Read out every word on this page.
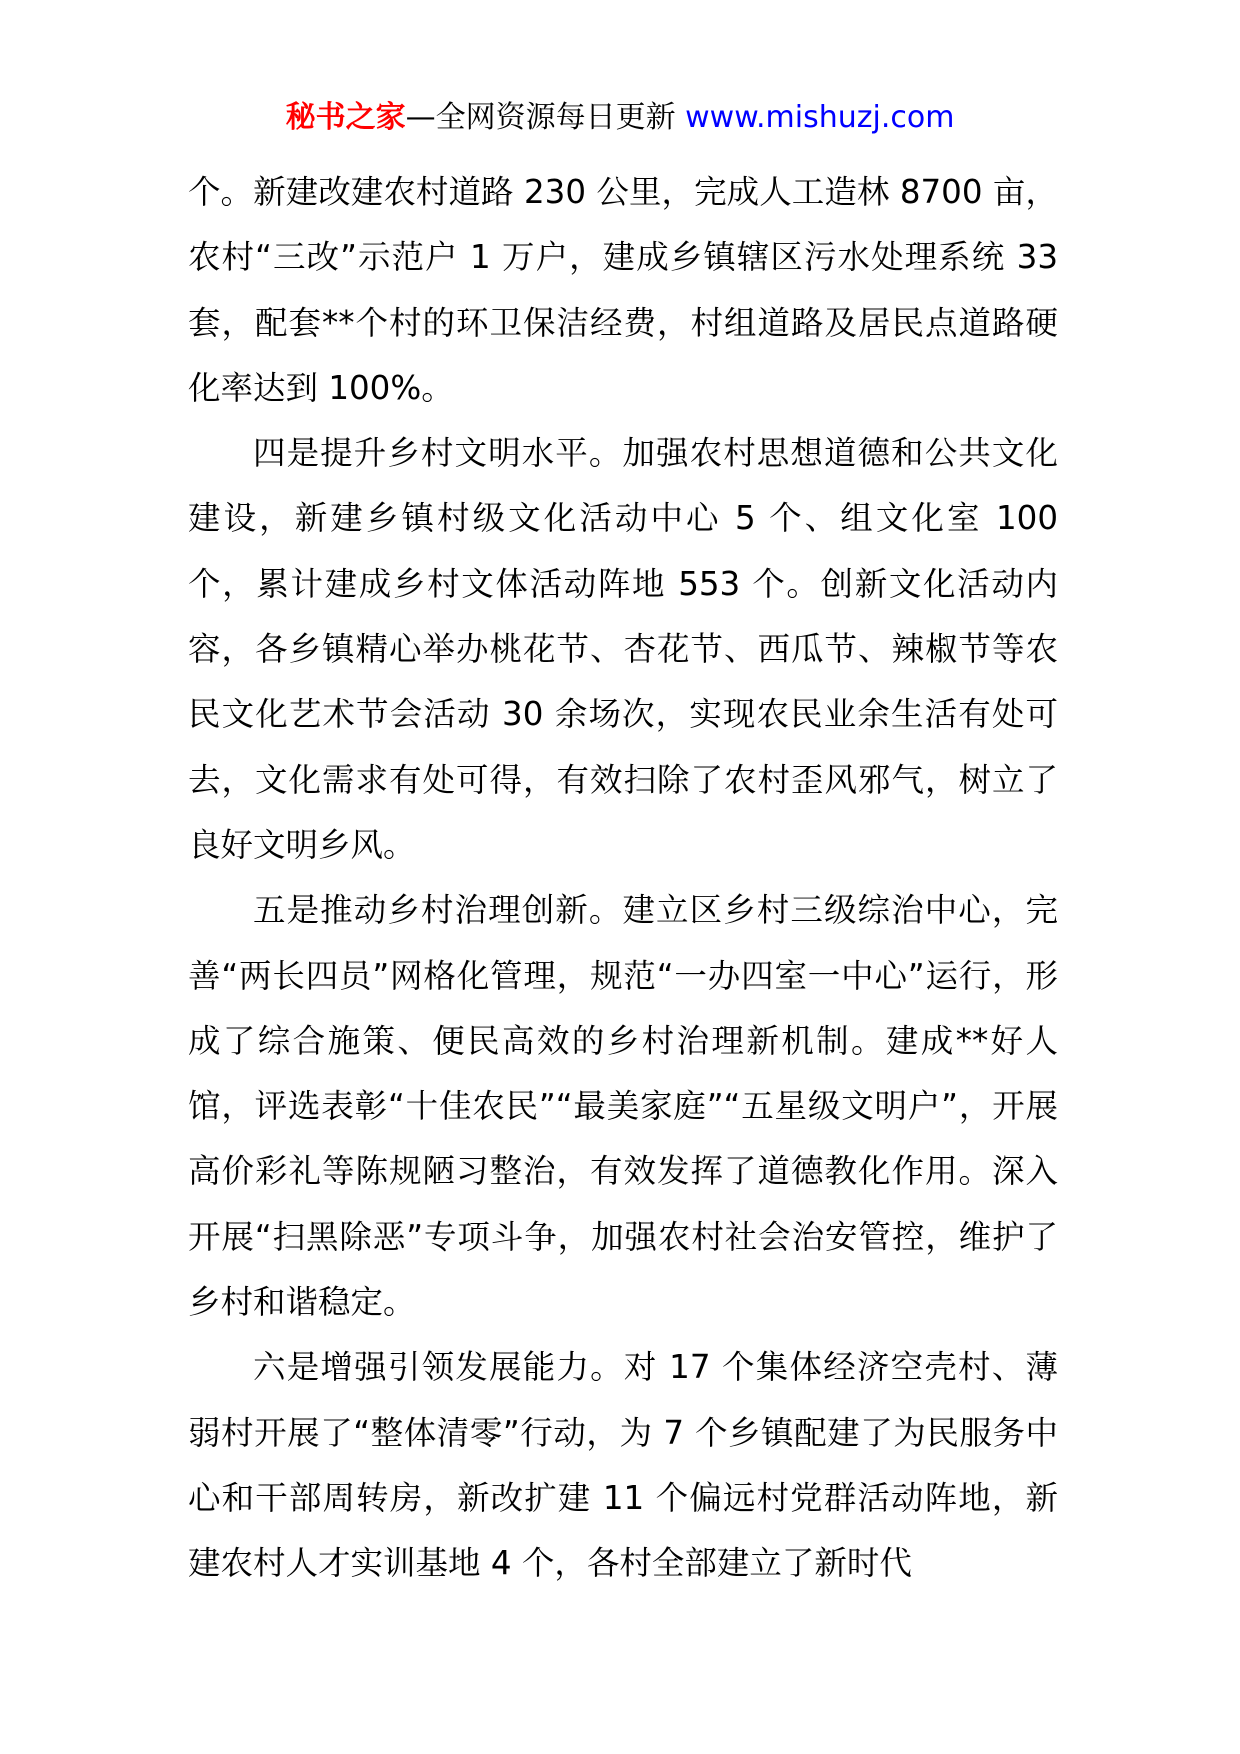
秘书之家—全网资源每日更新 www.mishuzj.com

个。新建改建农村道路 230 公里，完成人工造林 8700 亩，农村“三改”示范户 1 万户，建成乡镇辖区污水处理系统 33 套，配套**个村的环卫保洁经费，村组道路及居民点道路硬化率达到 100%。

四是提升乡村文明水平。加强农村思想道德和公共文化建设，新建乡镇村级文化活动中心 5 个、组文化室 100 个，累计建成乡村文体活动阵地 553 个。创新文化活动内容，各乡镇精心举办桃花节、杏花节、西瓜节、辣椒节等农民文化艺术节会活动 30 余场次，实现农民业余生活有处可去，文化需求有处可得，有效扫除了农村歪风邪气，树立了良好文明乡风。

五是推动乡村治理创新。建立区乡村三级综治中心，完善“两长四员”网格化管理，规范“一办四室一中心”运行，形成了综合施策、便民高效的乡村治理新机制。建成**好人馆，评选表彰“十佳农民”“最美家庭”“五星级文明户”，开展高价彩礼等陈规陋习整治，有效发挥了道德教化作用。深入开展“扫黑除恶”专项斗争，加强农村社会治安管控，维护了乡村和谐稳定。

六是增强引领发展能力。对 17 个集体经济空壳村、薄弱村开展了“整体清零”行动，为 7 个乡镇配建了为民服务中心和干部周转房，新改扩建 11 个偏远村党群活动阵地，新建农村人才实训基地 4 个，各村全部建立了新时代
